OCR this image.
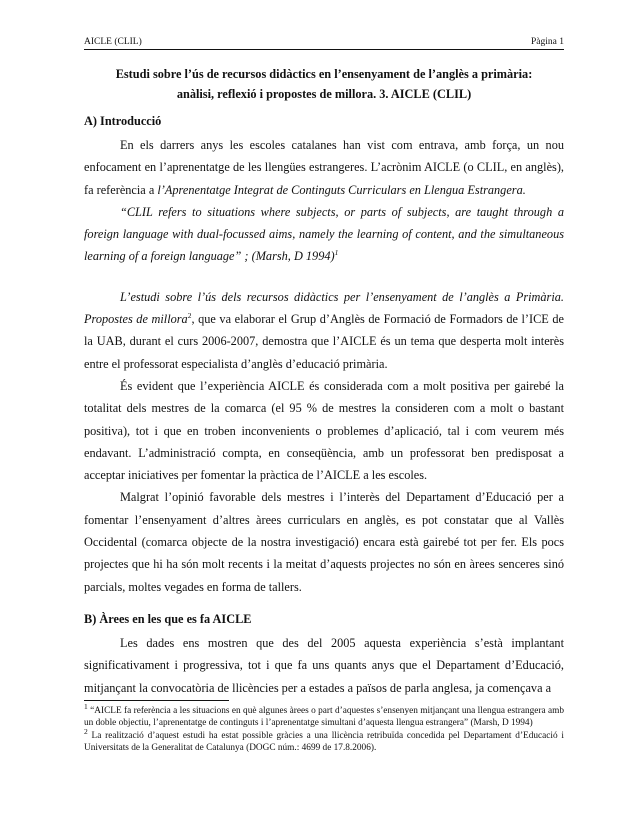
AICLE (CLIL)	Pàgina 1
Estudi sobre l’ús de recursos didàctics en l’ensenyament de l’anglès a primària:
anàlisi, reflexió i propostes de millora. 3. AICLE (CLIL)
A) Introducció

En els darrers anys les escoles catalanes han vist com entrava, amb força, un nou enfocament en l’aprenentatge de les llengües estrangeres. L’acrònim AICLE (o CLIL, en anglès), fa referència a l’Aprenentatge Integrat de Continguts Curriculars en Llengua Estrangera.

“CLIL refers to situations where subjects, or parts of subjects, are taught through a foreign language with dual-focussed aims, namely the learning of content, and the simultaneous learning of a foreign language” ; (Marsh, D 1994)$^1$

L’estudi sobre l’ús dels recursos didàctics per l’ensenyament de l’anglès a Primària. Propostes de millora$^2$, que va elaborar el Grup d’Anglès de Formació de Formadors de l’ICE de la UAB, durant el curs 2006-2007, demostra que l’AICLE és un tema que desperta molt interès entre el professorat especialista d’anglès d’educació primària.

És evident que l’experiència AICLE és considerada com a molt positiva per gairebé la totalitat dels mestres de la comarca (el 95 % de mestres la consideren com a molt o bastant positiva), tot i que en troben inconvenients o problemes d’aplicació, tal i com veurem més endavant. L’administració compta, en conseqüència, amb un professorat ben predisposat a acceptar iniciatives per fomentar la pràctica de l’AICLE a les escoles.

Malgrat l’opinió favorable dels mestres i l’interès del Departament d’Educació per a fomentar l’ensenyament d’altres àrees curriculars en anglès, es pot constatar que al Vallès Occidental (comarca objecte de la nostra investigació) encara està gairebé tot per fer. Els pocs projectes que hi ha són molt recents i la meitat d’aquests projectes no són en àrees senceres sinó parcials, moltes vegades en forma de tallers.

B) Àrees en les que es fa AICLE

Les dades ens mostren que des del 2005 aquesta experiència s’està implantant significativament i progressiva, tot i que fa uns quants anys que el Departament d’Educació, mitjançant la convocatòria de llicències per a estades a països de parla anglesa, ja començava a

$^1$ “AICLE fa referència a les situacions en què algunes àrees o part d’aquestes s’ensenyen mitjançant una llengua estrangera amb un doble objectiu, l’aprenentatge de continguts i l’aprenentatge simultani d’aquesta llengua estrangera” (Marsh, D 1994)
$^2$ La realització d’aquest estudi ha estat possible gràcies a una llicència retribuïda concedida pel Departament d’Educació i Universitats de la Generalitat de Catalunya (DOGC núm.: 4699 de 17.8.2006).
